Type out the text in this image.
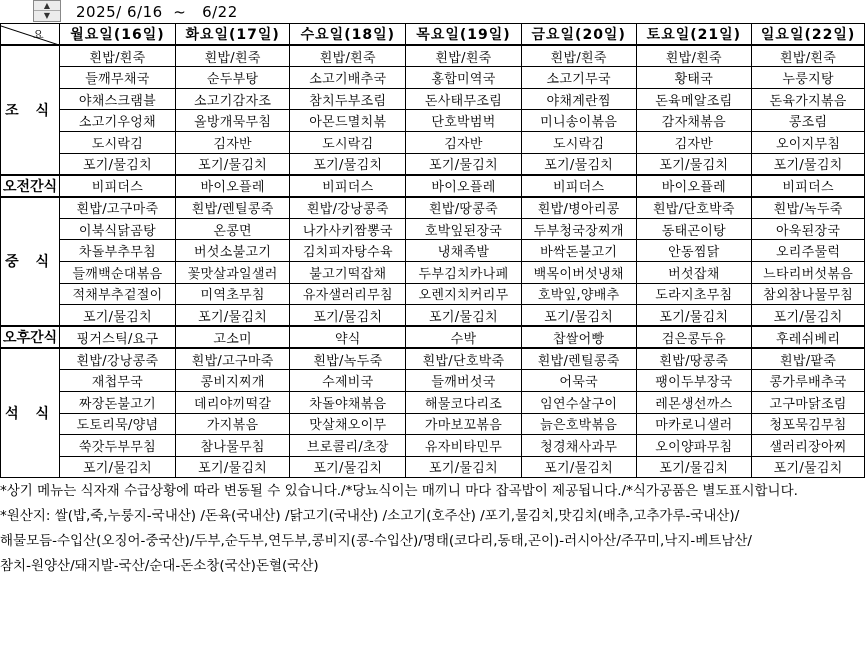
▲
▼	2025/ 6/16  ~   6/22
요	월요일(16일)	화요일(17일)	수요일(18일)	목요일(19일)	금요일(20일)	토요일(21일)	일요일(22일)
조 식	흰밥/흰죽	흰밥/흰죽	흰밥/흰죽	흰밥/흰죽	흰밥/흰죽	흰밥/흰죽	흰밥/흰죽
	들깨무채국	순두부탕	소고기배추국	홍합미역국	소고기무국	황태국	누룽지탕
	야채스크램블	소고기감자조	참치두부조림	돈사태무조림	야채계란찜	돈육메알조림	돈육가지볶음
	소고기우엉채	올방개묵무침	아몬드멸치볶	단호박범벅	미니송이볶음	감자채볶음	콩조림
	도시락김	김자반	도시락김	김자반	도시락김	김자반	오이지무침
	포기/물김치	포기/물김치	포기/물김치	포기/물김치	포기/물김치	포기/물김치	포기/물김치
오전간식	비피더스	바이오플레	비피더스	바이오플레	비피더스	바이오플레	비피더스
중 식	흰밥/고구마죽	흰밥/렌틸콩죽	흰밥/강낭콩죽	흰밥/땅콩죽	흰밥/병아리콩	흰밥/단호박죽	흰밥/녹두죽
	이북식닭곰탕	온콩면	나가사키짬뽕국	호박잎된장국	두부청국장찌개	동태곤이탕	아욱된장국
	차돌부추무침	버섯소불고기	김치피자탕수육	냉채족발	바싹돈불고기	안동찜닭	오리주물럭
	들깨백순대볶음	꽃맛살과일샐러	불고기떡잡채	두부김치카나페	백목이버섯냉채	버섯잡채	느타리버섯볶음
	적채부추겉절이	미역초무침	유자샐러리무침	오렌지치커리무	호박잎,양배추	도라지초무침	참외참나물무침
	포기/물김치	포기/물김치	포기/물김치	포기/물김치	포기/물김치	포기/물김치	포기/물김치
오후간식	핑거스틱/요구	고소미	약식	수박	찹쌀어빵	검은콩두유	후레쉬베리
석 식	흰밥/강낭콩죽	흰밥/고구마죽	흰밥/녹두죽	흰밥/단호박죽	흰밥/렌틸콩죽	흰밥/땅콩죽	흰밥/팥죽
	재첩무국	콩비지찌개	수제비국	들깨버섯국	어묵국	팽이두부장국	콩가루배추국
	짜장돈불고기	데리야끼떡갈	차돌야채볶음	해물코다리조	임연수살구이	레몬생선까스	고구마닭조림
	도토리묵/양념	가지볶음	맛살채오이무	가마보꼬볶음	늙은호박볶음	마카로니샐러	청포묵김무침
	쑥갓두부무침	참나물무침	브로콜리/초장	유자비타민무	청경채사과무	오이양파무침	샐러리장아찌
	포기/물김치	포기/물김치	포기/물김치	포기/물김치	포기/물김치	포기/물김치	포기/물김치
*상기 메뉴는 식자재 수급상황에 따라 변동될 수 있습니다./*당뇨식이는 매끼니 마다 잡곡밥이 제공됩니다./*식가공품은 별도표시합니다.
*원산지: 쌀(밥,죽,누룽지-국내산) /돈육(국내산) /닭고기(국내산) /소고기(호주산) /포기,물김치,맛김치(배추,고추가루-국내산)/
해물모듬-수입산(오징어-중국산)/두부,순두부,연두부,콩비지(콩-수입산)/명태(코다리,동태,곤이)-러시아산/주꾸미,낙지-베트남산/
참치-원양산/돼지발-국산/순대-돈소창(국산)돈혈(국산)
